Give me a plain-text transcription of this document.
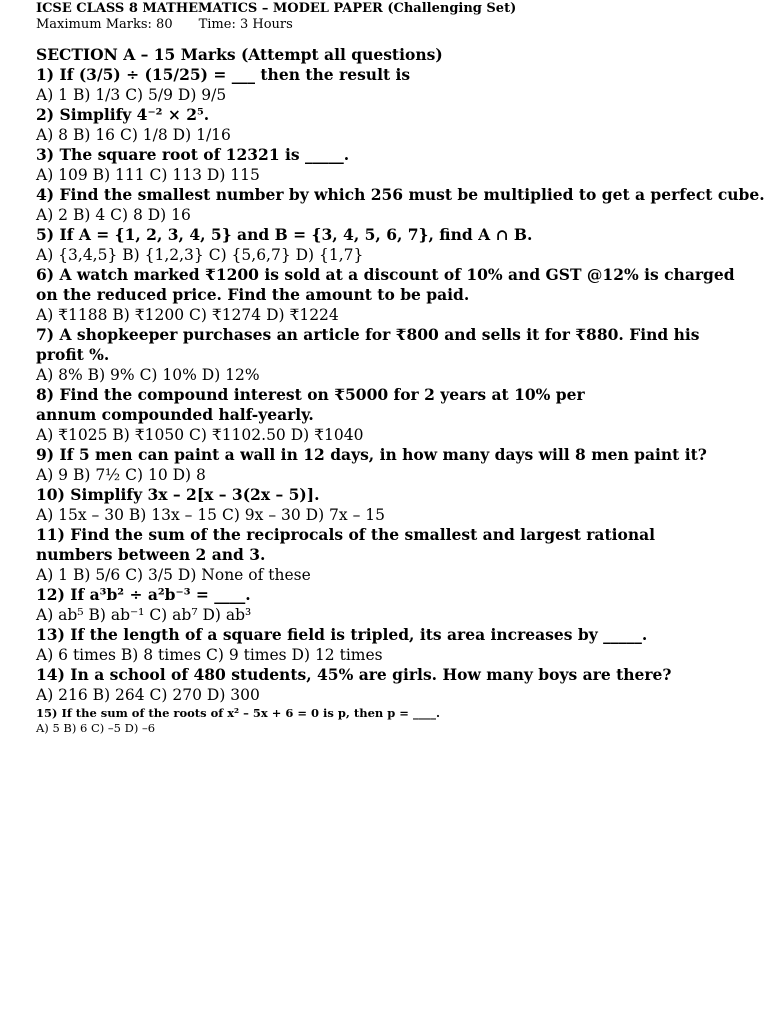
ICSE CLASS 8 MATHEMATICS – MODEL PAPER (Challenging Set)
Maximum Marks: 80 Time: 3 Hours
SECTION A – 15 Marks (Attempt all questions)
1) If (3/5) ÷ (15/25) = ___ then the result is
A) 1 B) 1/3 C) 5/9 D) 9/5
2) Simplify 4⁻² × 2⁵.
A) 8 B) 16 C) 1/8 D) 1/16
3) The square root of 12321 is _____.
A) 109 B) 111 C) 113 D) 115
4) Find the smallest number by which 256 must be multiplied to get a perfect cube.
A) 2 B) 4 C) 8 D) 16
5) If A = {1, 2, 3, 4, 5} and B = {3, 4, 5, 6, 7}, find A ∩ B.
A) {3,4,5} B) {1,2,3} C) {5,6,7} D) {1,7}
6) A watch marked ₹1200 is sold at a discount of 10% and GST @12% is charged on the reduced price. Find the amount to be paid.
A) ₹1188 B) ₹1200 C) ₹1274 D) ₹1224
7) A shopkeeper purchases an article for ₹800 and sells it for ₹880. Find his profit %.
A) 8% B) 9% C) 10% D) 12%
8) Find the compound interest on ₹5000 for 2 years at 10% per annum compounded half-yearly.
A) ₹1025 B) ₹1050 C) ₹1102.50 D) ₹1040
9) If 5 men can paint a wall in 12 days, in how many days will 8 men paint it?
A) 9 B) 7½ C) 10 D) 8
10) Simplify 3x – 2[x – 3(2x – 5)].
A) 15x – 30 B) 13x – 15 C) 9x – 30 D) 7x – 15
11) Find the sum of the reciprocals of the smallest and largest rational numbers between 2 and 3.
A) 1 B) 5/6 C) 3/5 D) None of these
12) If a³b² ÷ a²b⁻³ = ____.
A) ab⁵ B) ab⁻¹ C) ab⁷ D) ab³
13) If the length of a square field is tripled, its area increases by _____.
A) 6 times B) 8 times C) 9 times D) 12 times
14) In a school of 480 students, 45% are girls. How many boys are there?
A) 216 B) 264 C) 270 D) 300
15) If the sum of the roots of x² – 5x + 6 = 0 is p, then p = ____.
A) 5 B) 6 C) –5 D) –6
